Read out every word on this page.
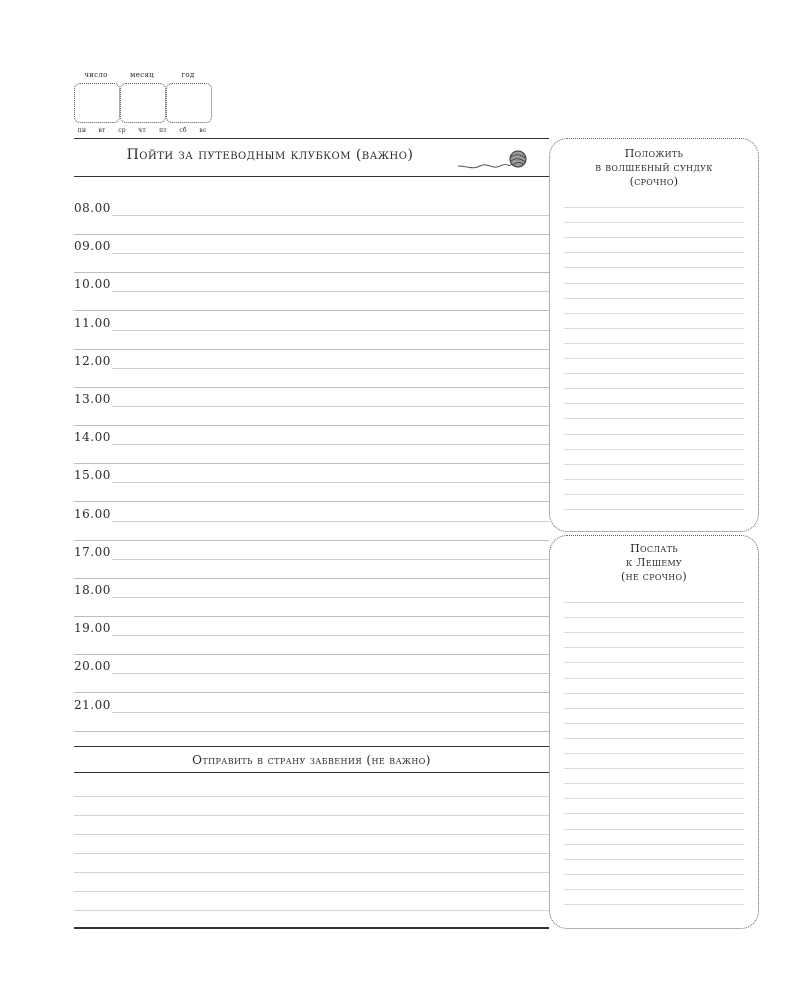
число	месяц	год
пн	вт	ср	чт	пт	сб	вс
Пойти за путеводным клубком (важно)
08.00
09.00
10.00
11.00
12.00
13.00
14.00
15.00
16.00
17.00
18.00
19.00
20.00
21.00
Отправить в страну забвения (не важно)
Положить
в волшебный сундук
(срочно)
Послать
к Лешему
(не срочно)
